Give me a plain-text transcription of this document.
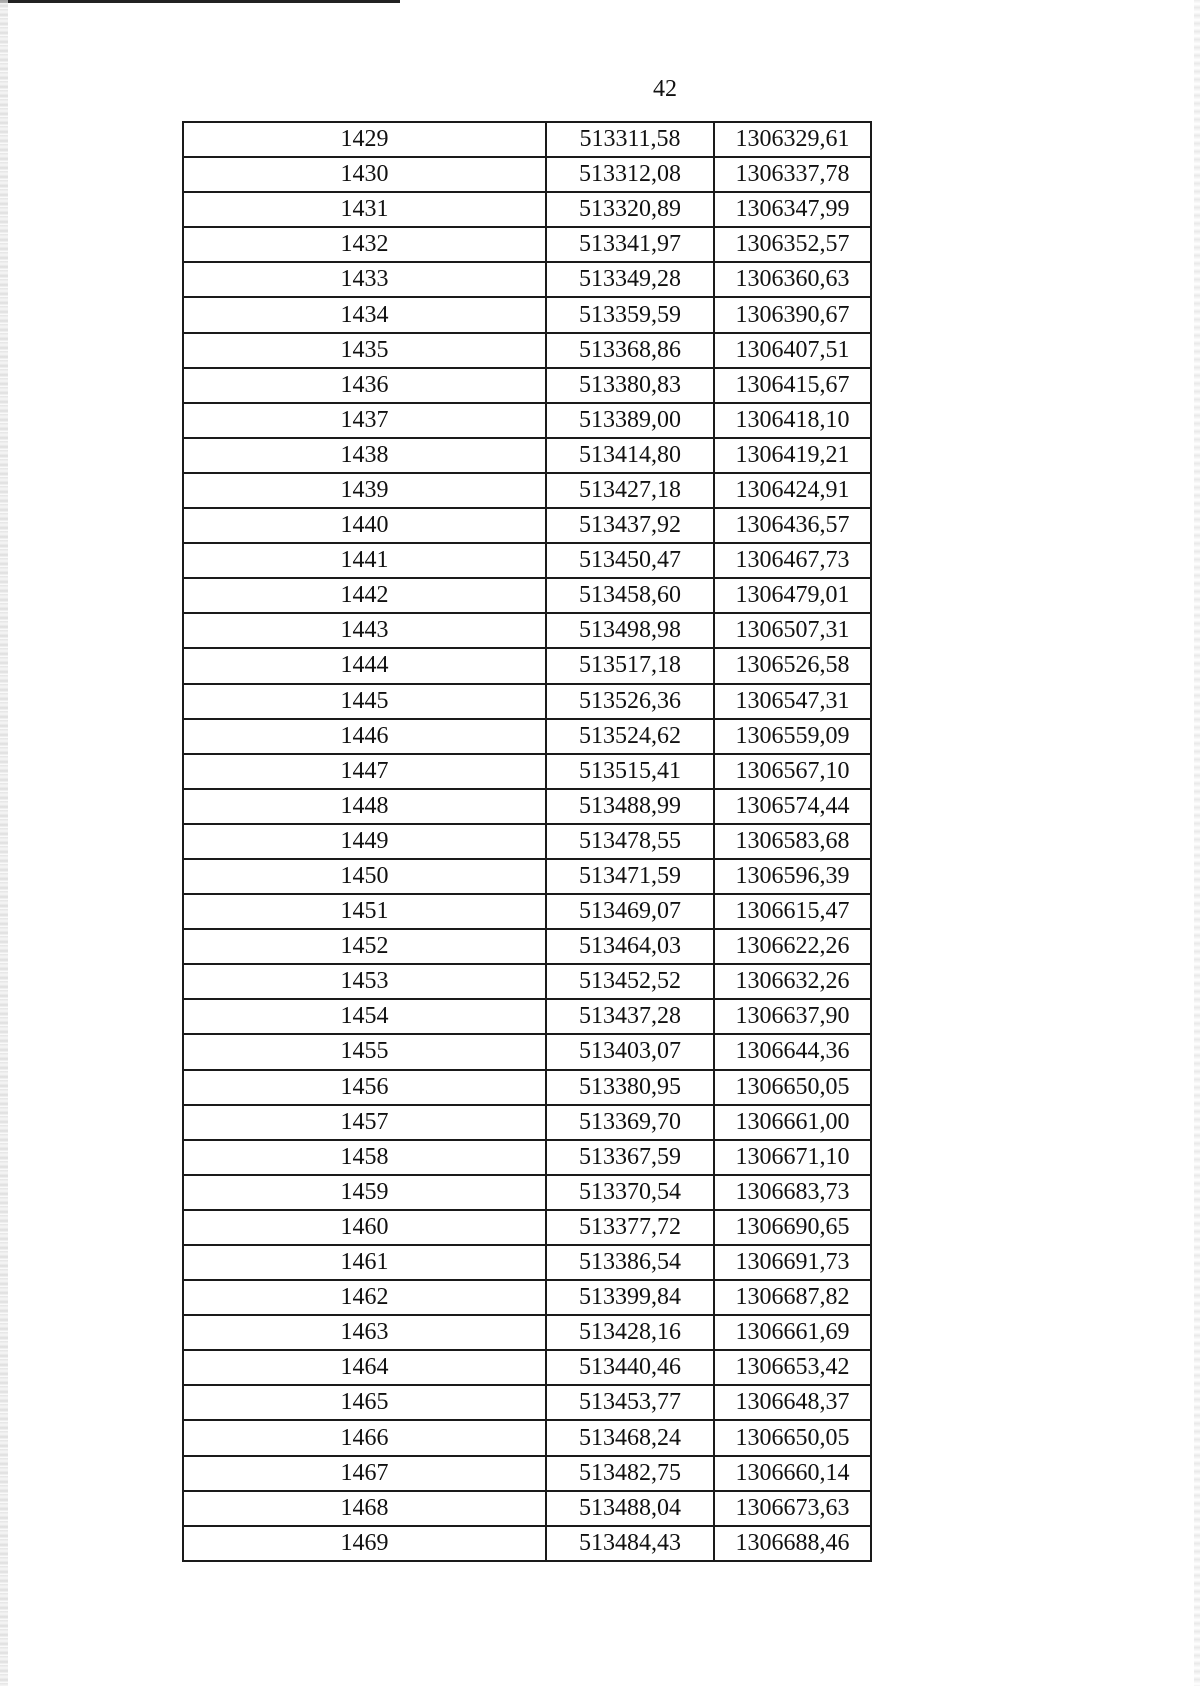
42
1429	513311,58	1306329,61
1430	513312,08	1306337,78
1431	513320,89	1306347,99
1432	513341,97	1306352,57
1433	513349,28	1306360,63
1434	513359,59	1306390,67
1435	513368,86	1306407,51
1436	513380,83	1306415,67
1437	513389,00	1306418,10
1438	513414,80	1306419,21
1439	513427,18	1306424,91
1440	513437,92	1306436,57
1441	513450,47	1306467,73
1442	513458,60	1306479,01
1443	513498,98	1306507,31
1444	513517,18	1306526,58
1445	513526,36	1306547,31
1446	513524,62	1306559,09
1447	513515,41	1306567,10
1448	513488,99	1306574,44
1449	513478,55	1306583,68
1450	513471,59	1306596,39
1451	513469,07	1306615,47
1452	513464,03	1306622,26
1453	513452,52	1306632,26
1454	513437,28	1306637,90
1455	513403,07	1306644,36
1456	513380,95	1306650,05
1457	513369,70	1306661,00
1458	513367,59	1306671,10
1459	513370,54	1306683,73
1460	513377,72	1306690,65
1461	513386,54	1306691,73
1462	513399,84	1306687,82
1463	513428,16	1306661,69
1464	513440,46	1306653,42
1465	513453,77	1306648,37
1466	513468,24	1306650,05
1467	513482,75	1306660,14
1468	513488,04	1306673,63
1469	513484,43	1306688,46
